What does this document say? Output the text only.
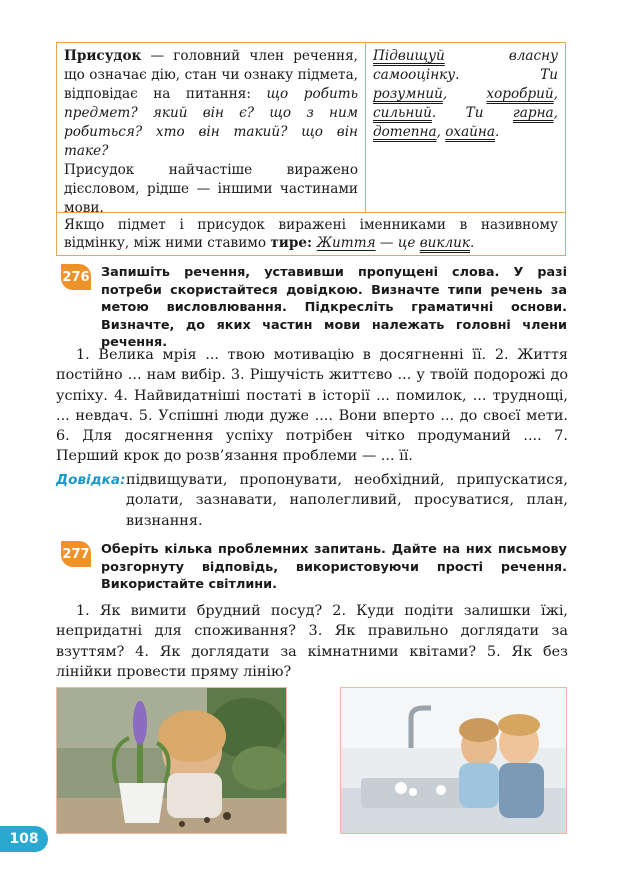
Присудок — головний член речення, що означає дію, стан чи ознаку підмета, відповідає на питання: що робить предмет? який він є? що з ним робиться? хто він такий? що він таке?
Присудок найчастіше виражено дієсловом, рідше — іншими частинами мови.
Підвищуй власну самооцінку. Ти розумний, хоробрий, сильний. Ти гарна, дотепна, охайна.
Якщо підмет і присудок виражені іменниками в називному відмінку, між ними ставимо тире: Життя — це виклик.
276 Запишіть речення, уставивши пропущені слова. У разі потреби скористайтеся довідкою. Визначте типи речень за метою висловлювання. Підкресліть граматичні основи. Визначте, до яких частин мови належать головні члени речення.
1. Велика мрія ... твою мотивацію в досягненні її. 2. Життя постійно ... нам вибір. 3. Рішучість життєво ... у твоїй подорожі до успіху. 4. Найвидатніші постаті в історії ... помилок, ... труднощі, ... невдач. 5. Успішні люди дуже .... Вони вперто ... до своєї мети. 6. Для досягнення успіху потрібен чітко продуманий .... 7. Перший крок до розв’язання проблеми — ... її.
Довідка: підвищувати, пропонувати, необхідний, припускатися, долати, зазнавати, наполегливий, просуватися, план, визнання.
277 Оберіть кілька проблемних запитань. Дайте на них письмову розгорнуту відповідь, використовуючи прості речення. Використайте світлини.
1. Як вимити брудний посуд? 2. Куди подіти залишки їжі, непридатні для споживання? 3. Як правильно доглядати за взуттям? 4. Як доглядати за кімнатними квітами? 5. Як без лінійки провести пряму лінію?
108
